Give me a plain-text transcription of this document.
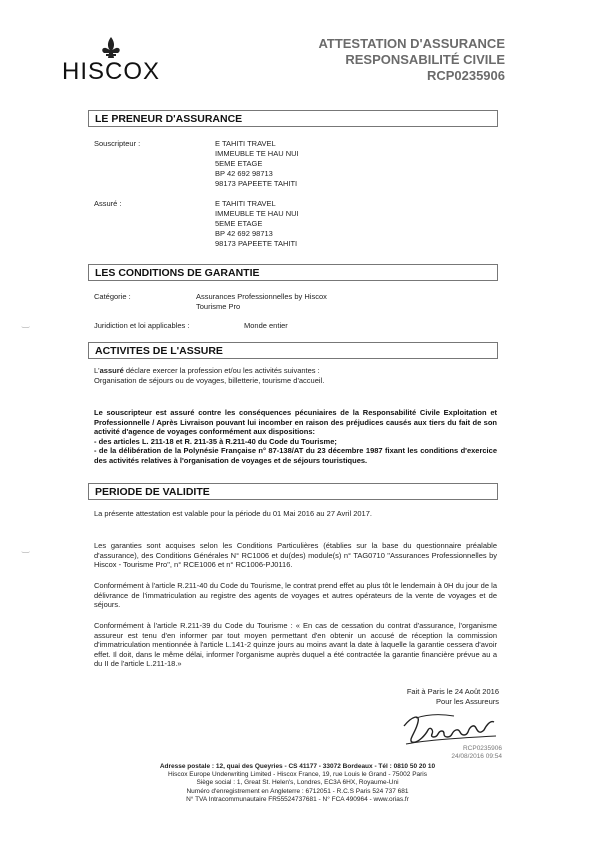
HISCOX
ATTESTATION D'ASSURANCE
RESPONSABILITÉ CIVILE
RCP0235906
LE PRENEUR D'ASSURANCE
Souscripteur :	E TAHITI TRAVEL
IMMEUBLE TE HAU NUI
5EME ETAGE
BP 42 692 98713
98173 PAPEETE TAHITI
Assuré :	E TAHITI TRAVEL
IMMEUBLE TE HAU NUI
5EME ETAGE
BP 42 692 98713
98173 PAPEETE TAHITI
LES CONDITIONS DE GARANTIE
Catégorie :	Assurances Professionnelles by Hiscox
Tourisme Pro
Juridiction et loi applicables :	Monde entier
‿
ACTIVITES DE L'ASSURE
L'assuré déclare exercer la profession et/ou les activités suivantes :
Organisation de séjours ou de voyages, billetterie, tourisme d'accueil.
Le souscripteur est assuré contre les conséquences pécuniaires de la Responsabilité Civile Exploitation et Professionnelle / Après Livraison pouvant lui incomber en raison des préjudices causés aux tiers du fait de son activité d'agence de voyages conformément aux dispositions:
- des articles L. 211-18 et R. 211-35 à R.211-40 du Code du Tourisme;
- de la délibération de la Polynésie Française n° 87-138/AT du 23 décembre 1987 fixant les conditions d'exercice des activités relatives à l'organisation de voyages et de séjours touristiques.
PERIODE DE VALIDITE
La présente attestation est valable pour la période du 01 Mai 2016 au 27 Avril 2017.
‿	Les garanties sont acquises selon les Conditions Particulières (établies sur la base du questionnaire préalable d'assurance), des Conditions Générales N° RC1006 et du(des) module(s) n° TAG0710 "Assurances Professionnelles by Hiscox - Tourisme Pro", n° RCE1006 et n° RC1006-PJ0116.
Conformément à l'article R.211-40 du Code du Tourisme, le contrat prend effet au plus tôt le lendemain à 0H du jour de la délivrance de l'immatriculation au registre des agents de voyages et autres opérateurs de la vente de voyages et de séjours.
Conformément à l'article R.211-39 du Code du Tourisme : « En cas de cessation du contrat d'assurance, l'organisme assureur est tenu d'en informer par tout moyen permettant d'en obtenir un accusé de réception la commission d'immatriculation mentionnée à l'article L.141-2 quinze jours au moins avant la date à laquelle la garantie cessera d'avoir effet. Il doit, dans le même délai, informer l'organisme auprès duquel a été contractée la garantie financière prévue au a du II de l'article L.211-18.»
Fait à Paris le 24 Août 2016
Pour les Assureurs
RCP0235906
24/08/2016 09:54
Adresse postale : 12, quai des Queyries - CS 41177 - 33072 Bordeaux - Tél : 0810 50 20 10
Hiscox Europe Underwriting Limited - Hiscox France, 19, rue Louis le Grand - 75002 Paris
Siège social : 1, Great St. Helen's, Londres, EC3A 6HX, Royaume-Uni
Numéro d'enregistrement en Angleterre : 6712051 - R.C.S Paris 524 737 681
N° TVA Intracommunautaire FR55524737681 - N° FCA 490964 - www.orias.fr
